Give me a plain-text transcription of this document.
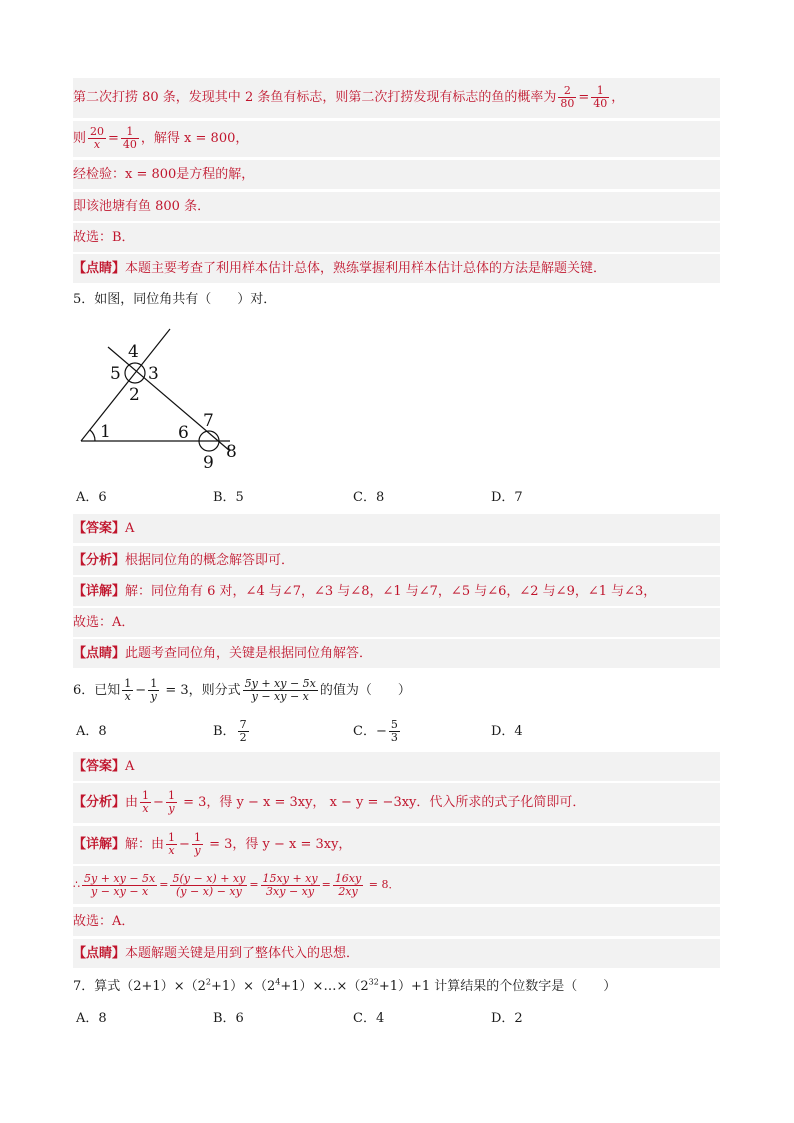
第二次打捞 80 条，发现其中 2 条鱼有标志，则第二次打捞发现有标志的鱼的概率为 $\frac{2}{80} = \frac{1}{40}$ ，
则 $\frac{20}{x} = \frac{1}{40}$ ，解得 x = 800，
经检验：x = 800是方程的解，
即该池塘有鱼 800 条．
故选：B．
【点睛】本题主要考查了利用样本估计总体，熟练掌握利用样本估计总体的方法是解题关键．
5．如图，同位角共有（　　）对．
4
5 3
2
7
1	6
8
9
A．6	B．5	C．8	D．7
【答案】A
【分析】根据同位角的概念解答即可．
【详解】解：同位角有 6 对，∠4 与∠7，∠3 与∠8，∠1 与∠7，∠5 与∠6，∠2 与∠9，∠1 与∠3，
故选：A．
【点睛】此题考查同位角，关键是根据同位角解答．
6．已知 $\frac{1}{x} - \frac{1}{y} = 3$，则分式 $\frac{5y + xy - 5x}{y - xy - x}$ 的值为（　　）
A．8	B． $\frac{7}{2}$	C．− $\frac{5}{3}$	D．4
【答案】A
【分析】由 $\frac{1}{x} - \frac{1}{y} = 3$，得 y − x = 3xy， x − y = −3xy．代入所求的式子化简即可．
【详解】解：由 $\frac{1}{x} - \frac{1}{y} = 3$，得 y − x = 3xy，
∴ $\frac{5y + xy - 5x}{y - xy - x} = \frac{5(y - x) + xy}{(y - x) - xy} = \frac{15xy + xy}{3xy - xy} = \frac{16xy}{2xy} = 8$．
故选：A．
【点睛】本题解题关键是用到了整体代入的思想．
7．算式$(2+1)\times(2^2+1)\times(2^4+1)\times\dots\times(2^{32}+1)+1$ 计算结果的个位数字是（　　）
A．8	B．6	C．4	D．2
